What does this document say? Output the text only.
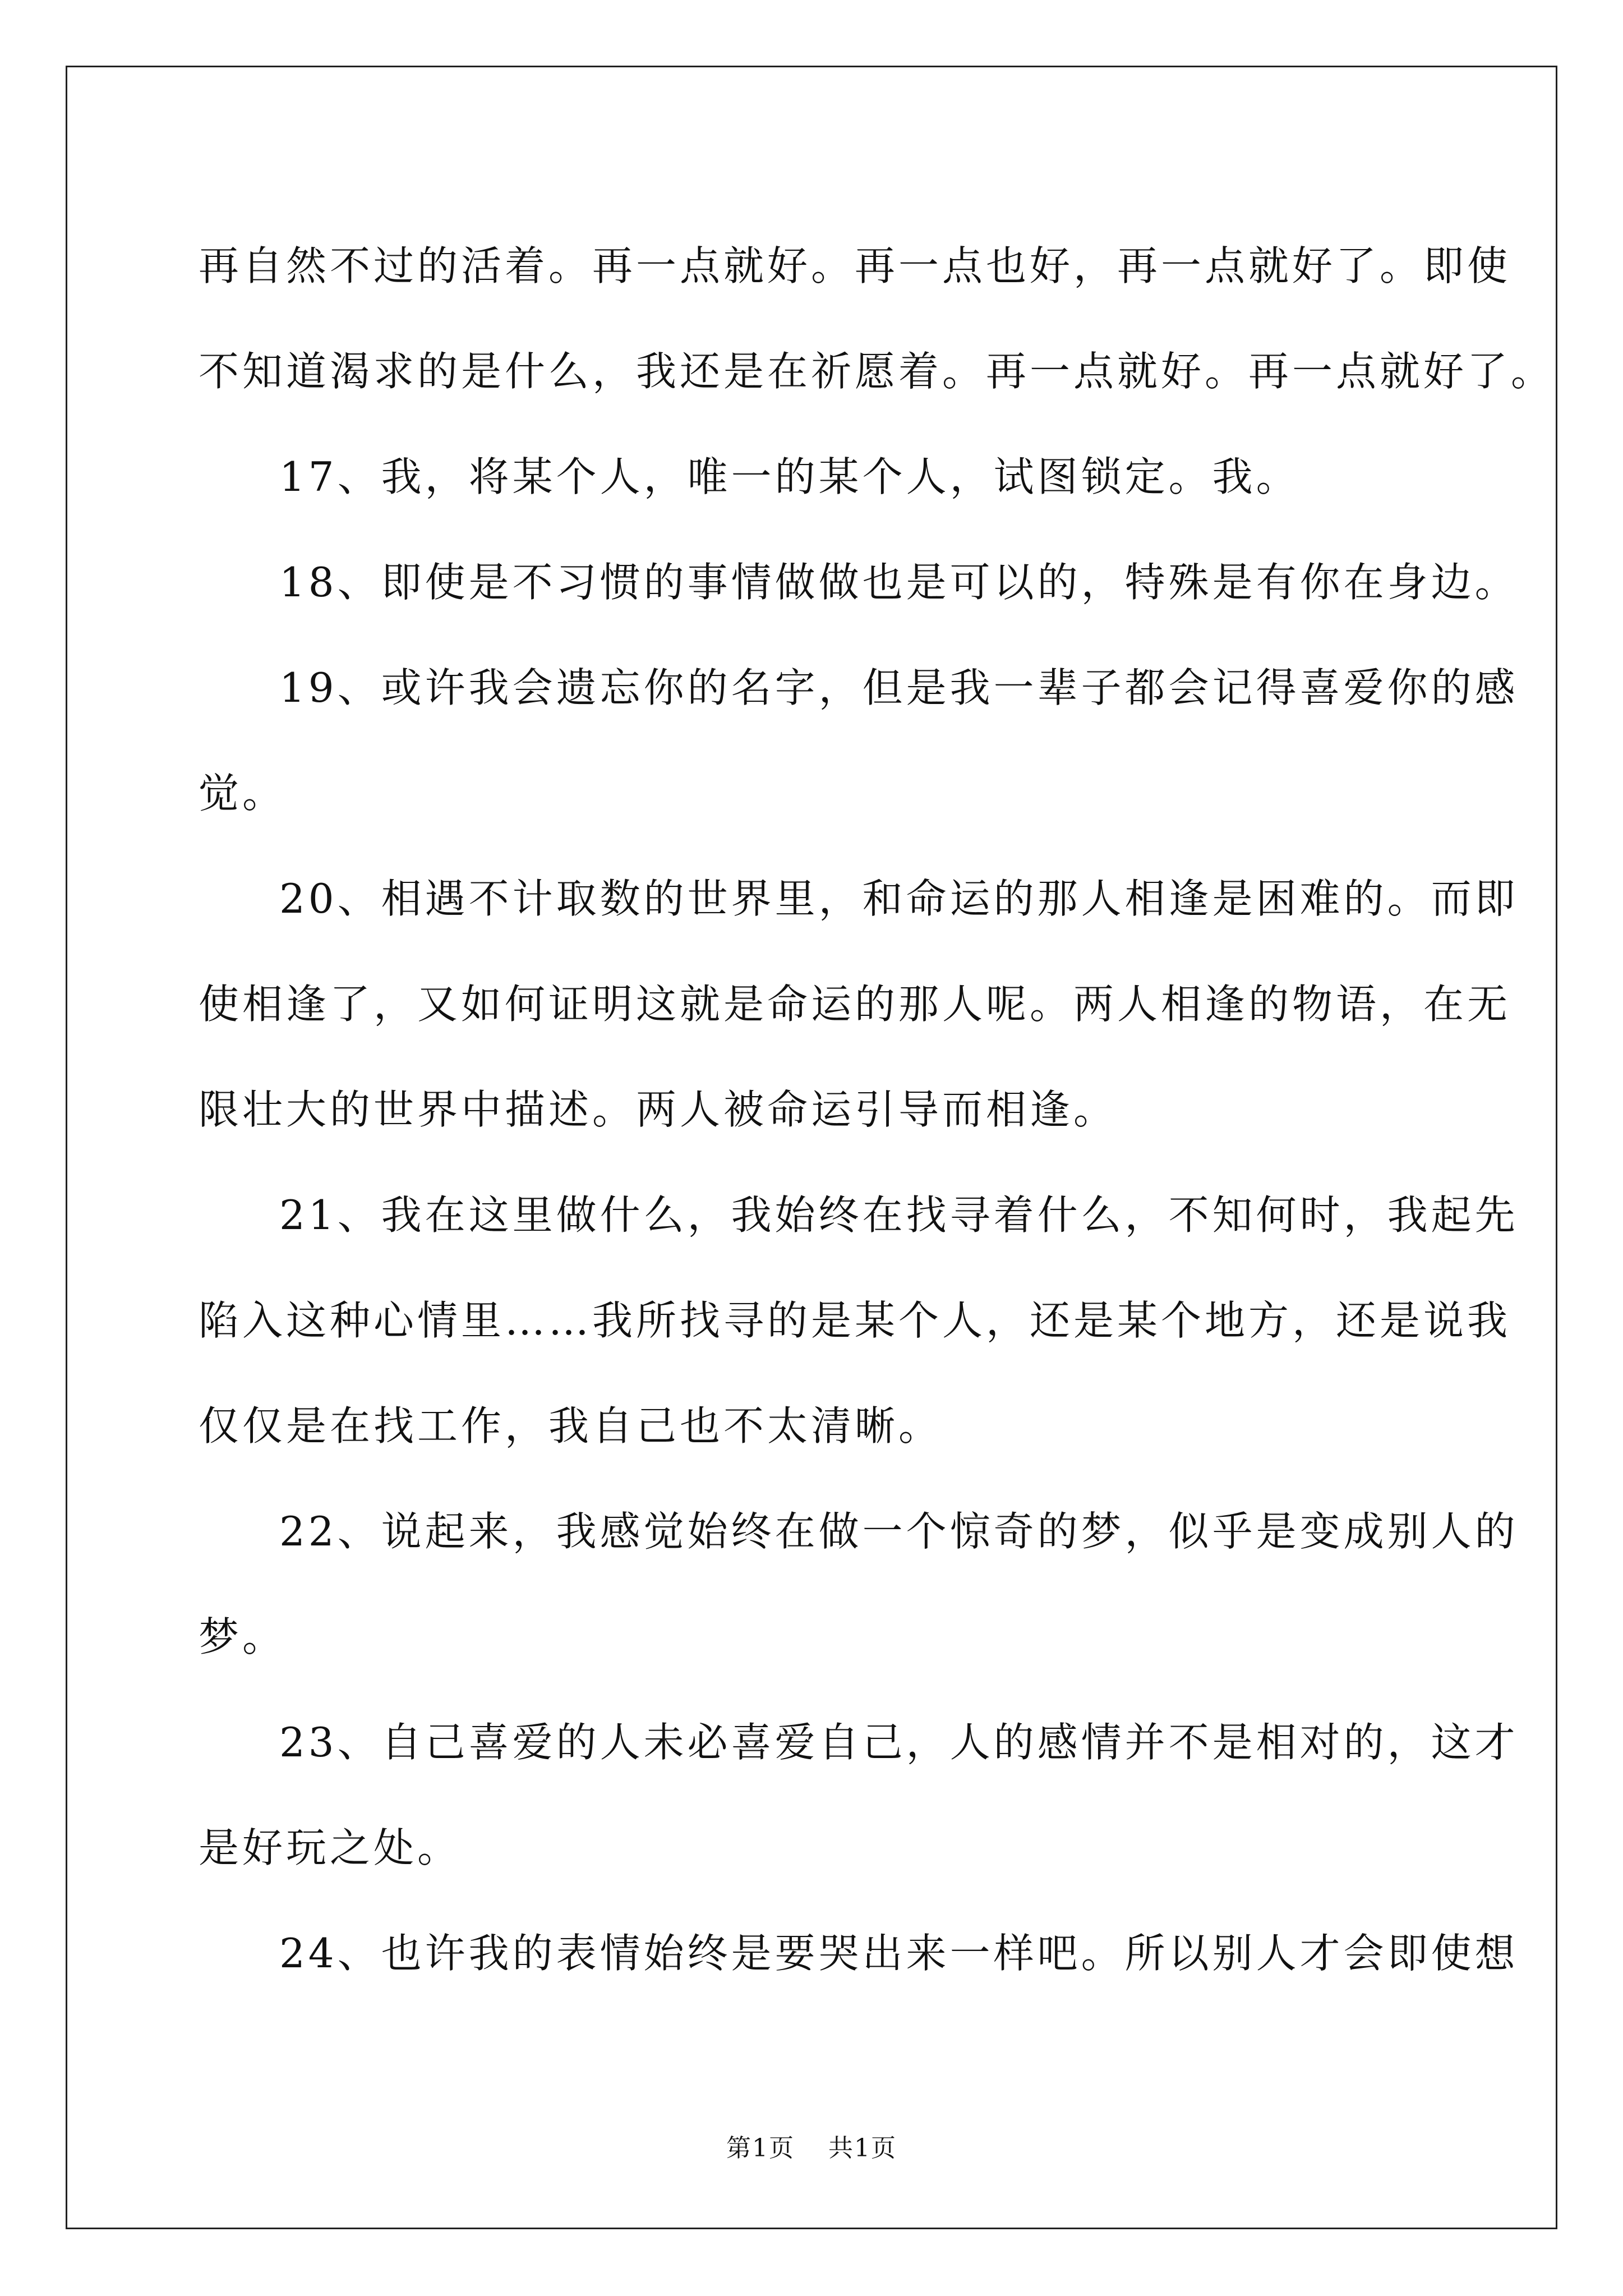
再自然不过的活着。再一点就好。再一点也好，再一点就好了。即使
不知道渴求的是什么，我还是在祈愿着。再一点就好。再一点就好了。
17、我，将某个人，唯一的某个人，试图锁定。我。
18、即使是不习惯的事情做做也是可以的，特殊是有你在身边。
19、或许我会遗忘你的名字，但是我一辈子都会记得喜爱你的感
觉。
20、相遇不计取数的世界里，和命运的那人相逢是困难的。而即
使相逢了，又如何证明这就是命运的那人呢。两人相逢的物语，在无
限壮大的世界中描述。两人被命运引导而相逢。
21、我在这里做什么，我始终在找寻着什么，不知何时，我起先
陷入这种心情里……我所找寻的是某个人，还是某个地方，还是说我
仅仅是在找工作，我自己也不太清晰。
22、说起来，我感觉始终在做一个惊奇的梦，似乎是变成别人的
梦。
23、自己喜爱的人未必喜爱自己，人的感情并不是相对的，这才
是好玩之处。
24、也许我的表情始终是要哭出来一样吧。所以别人才会即使想
第1页 共1页
